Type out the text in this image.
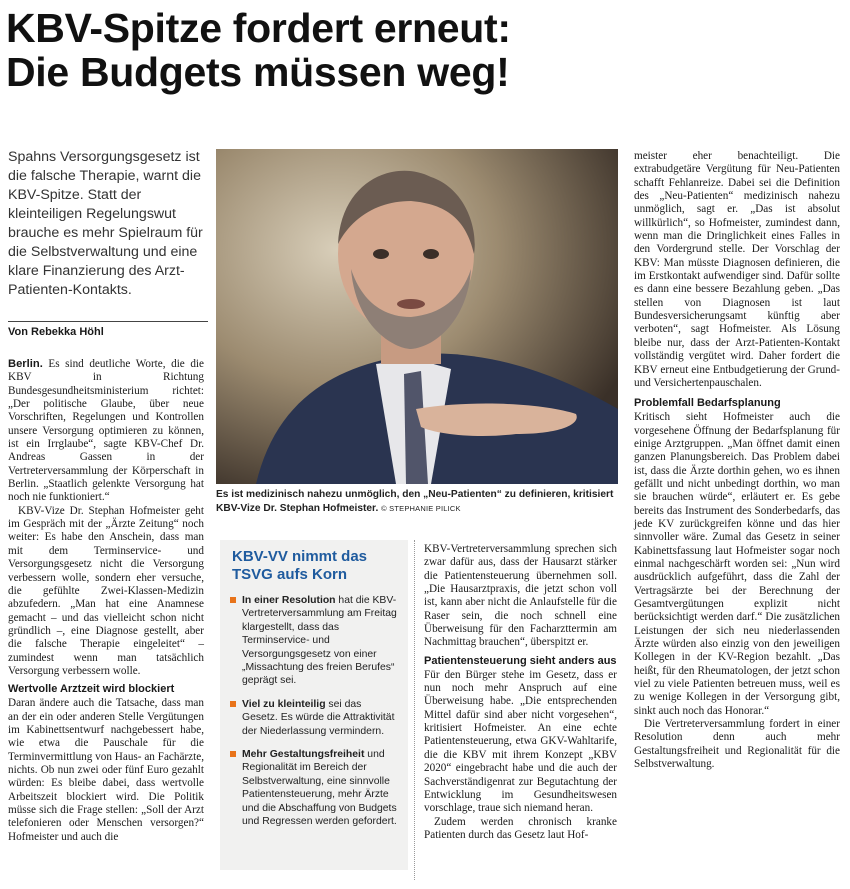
KBV-Spitze fordert erneut:
Die Budgets müssen weg!
Spahns Versorgungsgesetz ist die falsche Therapie, warnt die KBV-Spitze. Statt der kleinteiligen Regelungswut brauche es mehr Spielraum für die Selbstverwaltung und eine klare Finanzierung des Arzt-Patienten-Kontakts.
Von Rebekka Höhl

Berlin. Es sind deutliche Worte, die die KBV in Richtung Bundesgesundheitsministerium richtet: „Der politische Glaube, über neue Vorschriften, Regelungen und Kontrollen unsere Versorgung optimieren zu können, ist ein Irrglaube“, sagte KBV-Chef Dr. Andreas Gassen in der Vertreterversammlung der Körperschaft in Berlin. „Staatlich gelenkte Versorgung hat noch nie funktioniert.“

KBV-Vize Dr. Stephan Hofmeister geht im Gespräch mit der „Ärzte Zeitung“ noch weiter: Es habe den Anschein, dass man mit dem Terminservice- und Versorgungsgesetz nicht die Versorgung verbessern wolle, sondern eher versuche, die gefühlte Zwei-Klassen-Medizin abzufedern. „Man hat eine Anamnese gemacht – und das vielleicht schon nicht gründlich –, eine Diagnose gestellt, aber die falsche Therapie eingeleitet“ – zumindest wenn man tatsächlich Versorgung verbessern wolle.

Wertvolle Arztzeit wird blockiert

Daran ändere auch die Tatsache, dass man an der ein oder anderen Stelle Vergütungen im Kabinettsentwurf nachgebessert habe, wie etwa die Pauschale für die Terminvermittlung von Haus- an Fachärzte, nichts. Ob nun zwei oder fünf Euro gezahlt würden: Es bleibe dabei, dass wertvolle Arbeitszeit blockiert wird. Die Politik müsse sich die Frage stellen: „Soll der Arzt telefonieren oder Menschen versorgen?“ Hofmeister und auch die

Es ist medizinisch nahezu unmöglich, den „Neu-Patienten“ zu definieren, kritisiert KBV-Vize Dr. Stephan Hofmeister. © STEPHANIE PILICK
KBV-VV nimmt das TSVG aufs Korn
In einer Resolution hat die KBV-Vertreterversammlung am Freitag klargestellt, dass das Terminservice- und Versorgungsgesetz von einer „Missachtung des freien Berufes“ geprägt sei.
Viel zu kleinteilig sei das Gesetz. Es würde die Attraktivität der Niederlassung vermindern.
Mehr Gestaltungsfreiheit und Regionalität im Bereich der Selbstverwaltung, eine sinnvolle Patientensteuerung, mehr Ärzte und die Abschaffung von Budgets und Regressen werden gefordert.

KBV-Vertreterversammlung sprechen sich zwar dafür aus, dass der Hausarzt stärker die Patientensteuerung übernehmen soll. „Die Hausarztpraxis, die jetzt schon voll ist, kann aber nicht die Anlaufstelle für die Raser sein, die noch schnell eine Überweisung für den Facharzttermin am Nachmittag brauchen“, überspitzt er.

Patientensteuerung sieht anders aus

Für den Bürger stehe im Gesetz, dass er nun noch mehr Anspruch auf eine Überweisung habe. „Die entsprechenden Mittel dafür sind aber nicht vorgesehen“, kritisiert Hofmeister. An eine echte Patientensteuerung, etwa GKV-Wahltarife, die die KBV mit ihrem Konzept „KBV 2020“ eingebracht habe und die auch der Sachverständigenrat zur Begutachtung der Entwicklung im Gesundheitswesen vorschlage, traue sich niemand heran.

Zudem werden chronisch kranke Patienten durch das Gesetz laut Hof-

meister eher benachteiligt. Die extrabudgetäre Vergütung für Neu-Patienten schafft Fehlanreize. Dabei sei die Definition des „Neu-Patienten“ medizinisch nahezu unmöglich, sagt er. „Das ist absolut willkürlich“, so Hofmeister, zumindest dann, wenn man die Dringlichkeit eines Falles in den Vordergrund stelle. Der Vorschlag der KBV: Man müsste Diagnosen definieren, die im Erstkontakt aufwendiger sind. Dafür sollte es dann eine bessere Bezahlung geben. „Das stellen von Diagnosen ist laut Bundesversicherungsamt künftig aber verboten“, sagt Hofmeister. Als Lösung bleibe nur, dass der Arzt-Patienten-Kontakt vollständig vergütet wird. Daher fordert die KBV erneut eine Entbudgetierung der Grund- und Versichertenpauschalen.

Problemfall Bedarfsplanung

Kritisch sieht Hofmeister auch die vorgesehene Öffnung der Bedarfsplanung für einige Arztgruppen. „Man öffnet damit einen ganzen Planungsbereich. Das Problem dabei ist, dass die Ärzte dorthin gehen, wo es ihnen gefällt und nicht unbedingt dorthin, wo man sie brauchen würde“, erläutert er. Es gebe bereits das Instrument des Sonderbedarfs, das jede KV zurückgreifen könne und das hier sinnvoller wäre. Zumal das Gesetz in seiner Kabinettsfassung laut Hofmeister sogar noch einmal nachgeschärft worden sei: „Nun wird ausdrücklich aufgeführt, dass die Zahl der Vertragsärzte bei der Berechnung der Gesamtvergütungen explizit nicht berücksichtigt werden darf.“ Die zusätzlichen Leistungen der sich neu niederlassenden Ärzte würden also einzig von den jeweiligen Kollegen in der KV-Region bezahlt. „Das heißt, für den Rheumatologen, der jetzt schon viel zu viele Patienten betreuen muss, weil es zu wenige Kollegen in der Versorgung gibt, sinkt auch noch das Honorar.“

Die Vertreterversammlung fordert in einer Resolution denn auch mehr Gestaltungsfreiheit und Regionalität für die Selbstverwaltung.
